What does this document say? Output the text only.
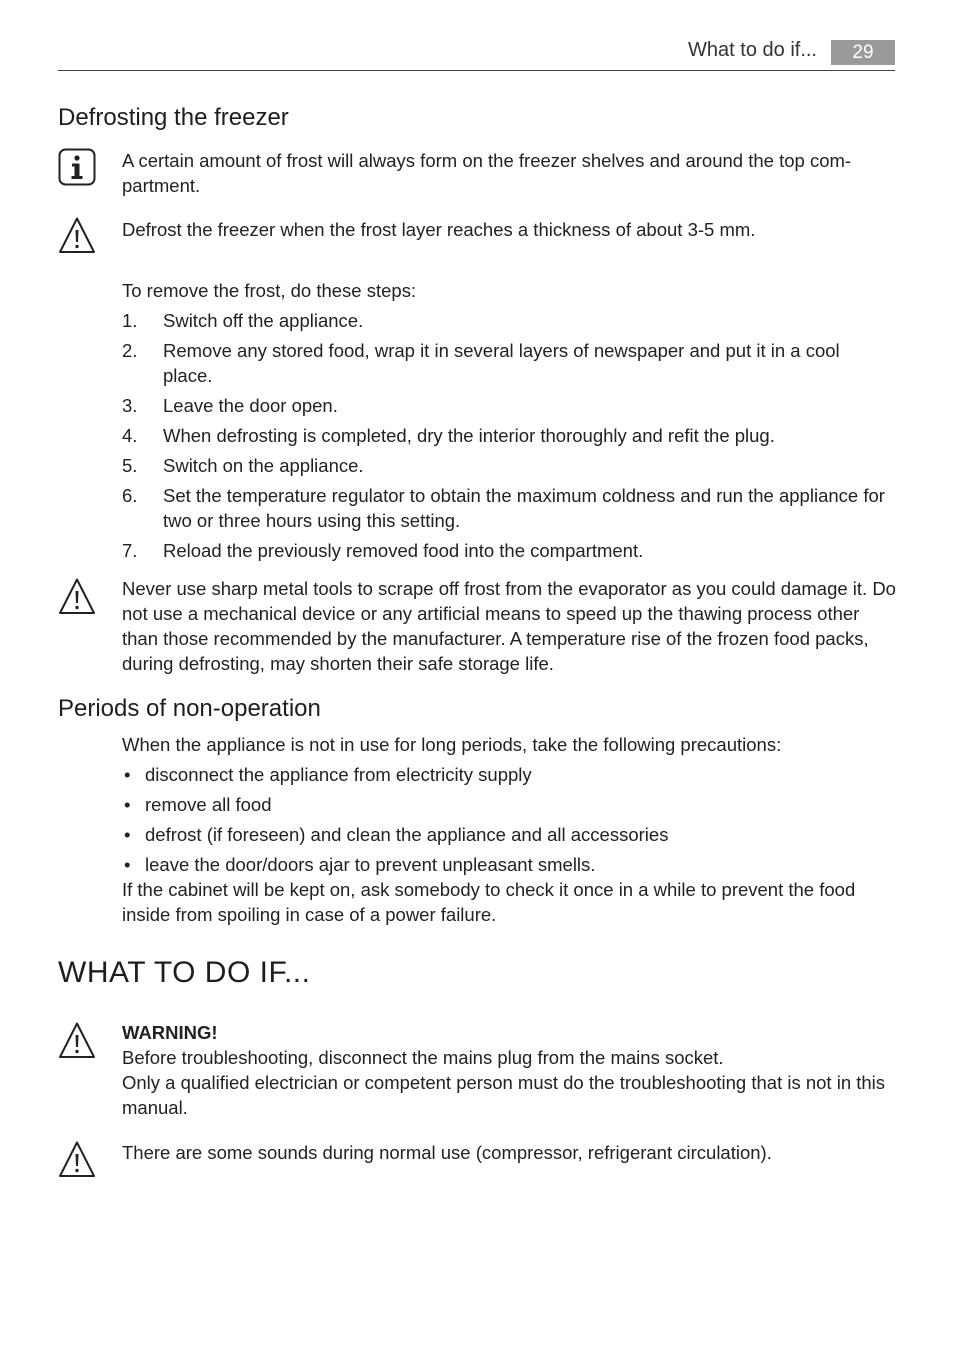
What to do if...	29
Defrosting the freezer
A certain amount of frost will always form on the freezer shelves and around the top com-partment.
Defrost the freezer when the frost layer reaches a thickness of about 3-5 mm.
To remove the frost, do these steps:
1. Switch off the appliance.
2. Remove any stored food, wrap it in several layers of newspaper and put it in a cool place.
3. Leave the door open.
4. When defrosting is completed, dry the interior thoroughly and refit the plug.
5. Switch on the appliance.
6. Set the temperature regulator to obtain the maximum coldness and run the appliance for two or three hours using this setting.
7. Reload the previously removed food into the compartment.
Never use sharp metal tools to scrape off frost from the evaporator as you could damage it. Do not use a mechanical device or any artificial means to speed up the thawing process other than those recommended by the manufacturer. A temperature rise of the frozen food packs, during defrosting, may shorten their safe storage life.
Periods of non-operation
When the appliance is not in use for long periods, take the following precautions:
• disconnect the appliance from electricity supply
• remove all food
• defrost (if foreseen) and clean the appliance and all accessories
• leave the door/doors ajar to prevent unpleasant smells.
If the cabinet will be kept on, ask somebody to check it once in a while to prevent the food inside from spoiling in case of a power failure.
WHAT TO DO IF...
WARNING!
Before troubleshooting, disconnect the mains plug from the mains socket.
Only a qualified electrician or competent person must do the troubleshooting that is not in this manual.
There are some sounds during normal use (compressor, refrigerant circulation).
